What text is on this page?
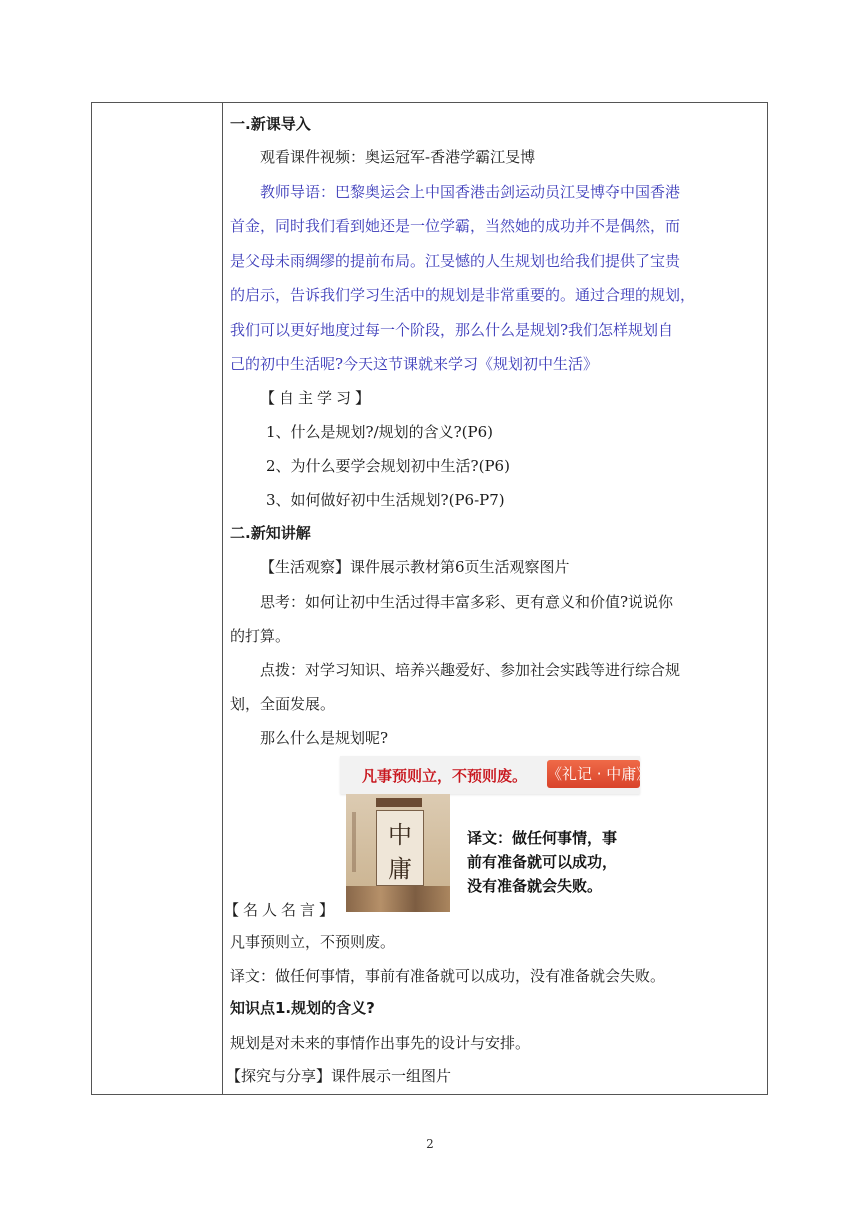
一.新课导入
观看课件视频：奥运冠军-香港学霸江旻博
教师导语：巴黎奥运会上中国香港击剑运动员江旻博夺中国香港
首金，同时我们看到她还是一位学霸，当然她的成功并不是偶然，而
是父母未雨绸缪的提前布局。江旻憾的人生规划也给我们提供了宝贵
的启示，告诉我们学习生活中的规划是非常重要的。通过合理的规划，
我们可以更好地度过每一个阶段，那么什么是规划?我们怎样规划自
己的初中生活呢?今天这节课就来学习《规划初中生活》
【自主学习】
1、什么是规划?/规划的含义?(P6)
2、为什么要学会规划初中生活?(P6)
3、如何做好初中生活规划?(P6-P7)
二.新知讲解
【生活观察】课件展示教材第6页生活观察图片
思考：如何让初中生活过得丰富多彩、更有意义和价值?说说你
的打算。
点拨：对学习知识、培养兴趣爱好、参加社会实践等进行综合规
划，全面发展。
那么什么是规划呢?
【名人名言】
凡事预则立，不预则废。
译文：做任何事情，事前有准备就可以成功，没有准备就会失败。
知识点1.规划的含义?
规划是对未来的事情作出事先的设计与安排。
【探究与分享】课件展示一组图片
凡事预则立，不预则废。 《礼记 · 中庸》
中
庸
译文：做任何事情，事
前有准备就可以成功，
没有准备就会失败。
2
